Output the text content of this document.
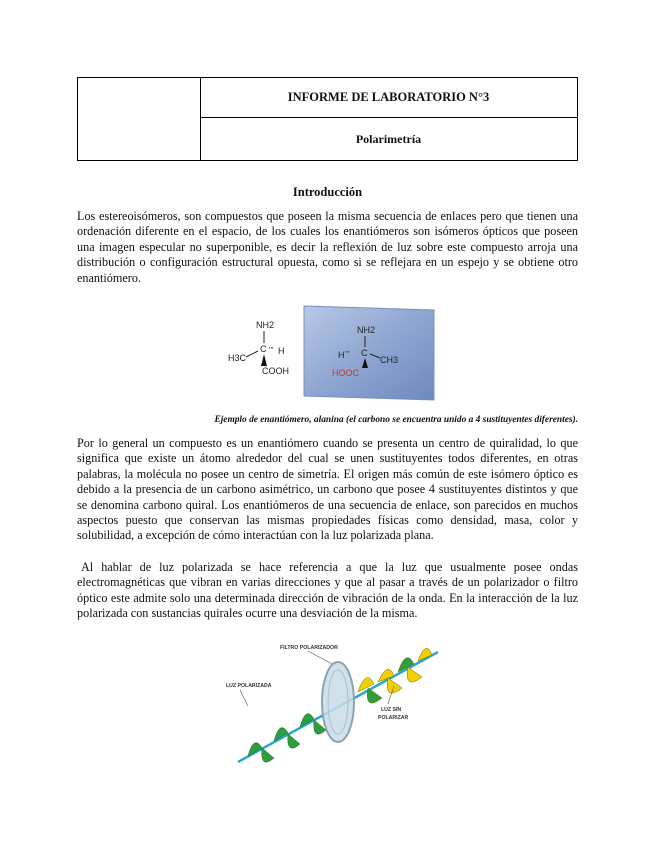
INFORME DE LABORATORIO N°3
Polarimetría
Introducción

Los estereoisómeros, son compuestos que poseen la misma secuencia de enlaces pero que tienen una ordenación diferente en el espacio, de los cuales los enantiómeros son isómeros ópticos que poseen una imagen especular no superponible, es decir la reflexión de luz sobre este compuesto arroja una distribución o configuración estructural opuesta, como si se reflejara en un espejo y se obtiene otro enantiómero.

NH2
C
H3C
''' H
COOH
NH2
H ''' C
CH3
HOOC
Ejemplo de enantiómero, alanina (el carbono se encuentra unido a 4 sustituyentes diferentes).

Por lo general un compuesto es un enantiómero cuando se presenta un centro de quiralidad, lo que significa que existe un átomo alrededor del cual se unen sustituyentes todos diferentes, en otras palabras, la molécula no posee un centro de simetría. El origen más común de este isómero óptico es debido a la presencia de un carbono asimétrico, un carbono que posee 4 sustituyentes distintos y que se denomina carbono quiral. Los enantiómeros de una secuencia de enlace, son parecidos en muchos aspectos puesto que conservan las mismas propiedades físicas como densidad, masa, color y solubilidad, a excepción de cómo interactúan con la luz polarizada plana.

Al hablar de luz polarizada se hace referencia a que la luz que usualmente posee ondas electromagnéticas que vibran en varias direcciones y que al pasar a través de un polarizador o filtro óptico este admite solo una determinada dirección de vibración de la onda. En la interacción de la luz polarizada con sustancias quirales ocurre una desviación de la misma.

FILTRO POLARIZADOR
LUZ POLARIZADA
LUZ SIN
POLARIZAR
